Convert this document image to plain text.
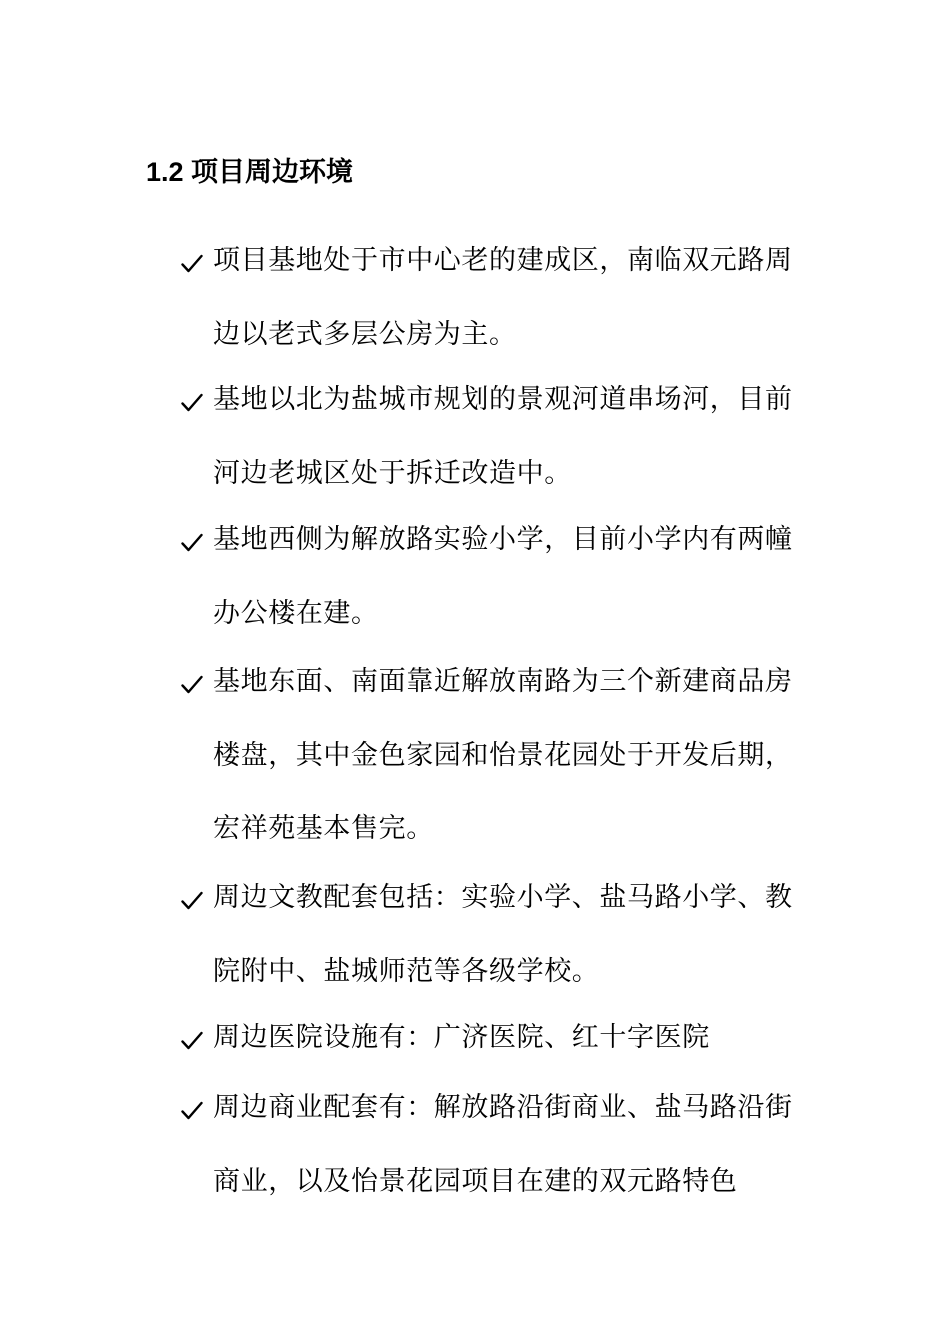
1.2 项目周边环境

项目基地处于市中心老的建成区，南临双元路周边以老式多层公房为主。

基地以北为盐城市规划的景观河道串场河，目前河边老城区处于拆迁改造中。

基地西侧为解放路实验小学，目前小学内有两幢办公楼在建。

基地东面、南面靠近解放南路为三个新建商品房楼盘，其中金色家园和怡景花园处于开发后期，宏祥苑基本售完。

周边文教配套包括：实验小学、盐马路小学、教院附中、盐城师范等各级学校。

周边医院设施有：广济医院、红十字医院

周边商业配套有：解放路沿街商业、盐马路沿街商业，以及怡景花园项目在建的双元路特色
